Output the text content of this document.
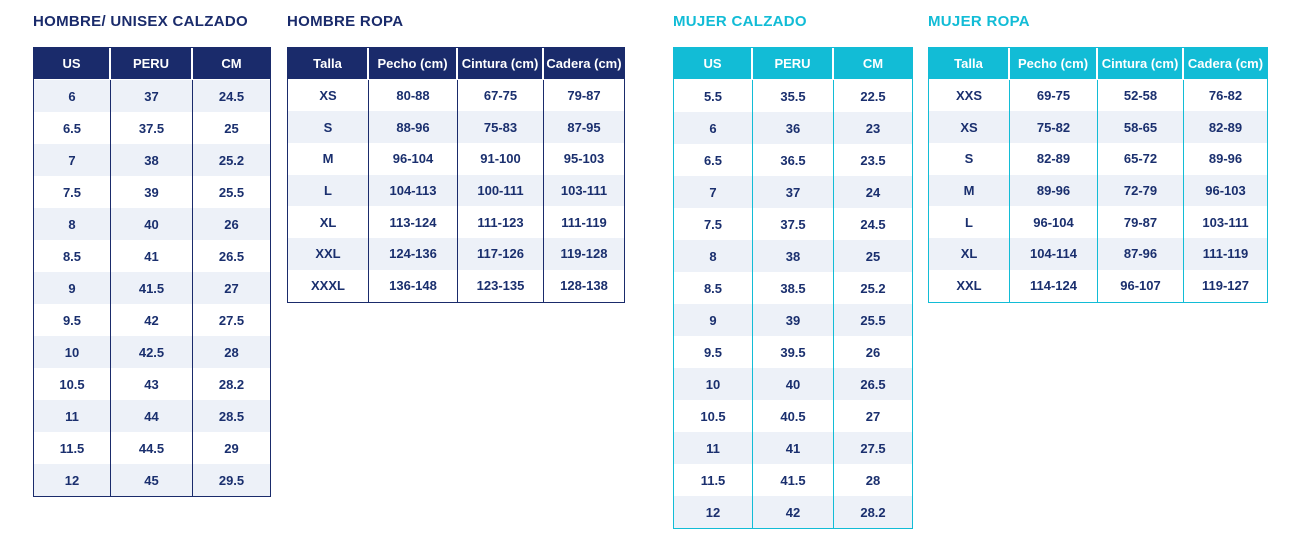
HOMBRE/ UNISEX CALZADO
US	PERU	CM
6	37	24.5
6.5	37.5	25
7	38	25.2
7.5	39	25.5
8	40	26
8.5	41	26.5
9	41.5	27
9.5	42	27.5
10	42.5	28
10.5	43	28.2
11	44	28.5
11.5	44.5	29
12	45	29.5
HOMBRE ROPA
Talla	Pecho (cm)	Cintura (cm) Cadera (cm)
XS	80-88	67-75	79-87
S	88-96	75-83	87-95
M	96-104	91-100	95-103
L	104-113	100-111	103-111
XL	113-124	111-123	111-119
XXL	124-136	117-126	119-128
XXXL	136-148	123-135	128-138
MUJER CALZADO
US	PERU	CM
5.5	35.5	22.5
6	36	23
6.5	36.5	23.5
7	37	24
7.5	37.5	24.5
8	38	25
8.5	38.5	25.2
9	39	25.5
9.5	39.5	26
10	40	26.5
10.5	40.5	27
11	41	27.5
11.5	41.5	28
12	42	28.2
MUJER ROPA
Talla	Pecho (cm)	Cintura (cm) Cadera (cm)
XXS	69-75	52-58	76-82
XS	75-82	58-65	82-89
S	82-89	65-72	89-96
M	89-96	72-79	96-103
L	96-104	79-87	103-111
XL	104-114	87-96	111-119
XXL	114-124	96-107	119-127
